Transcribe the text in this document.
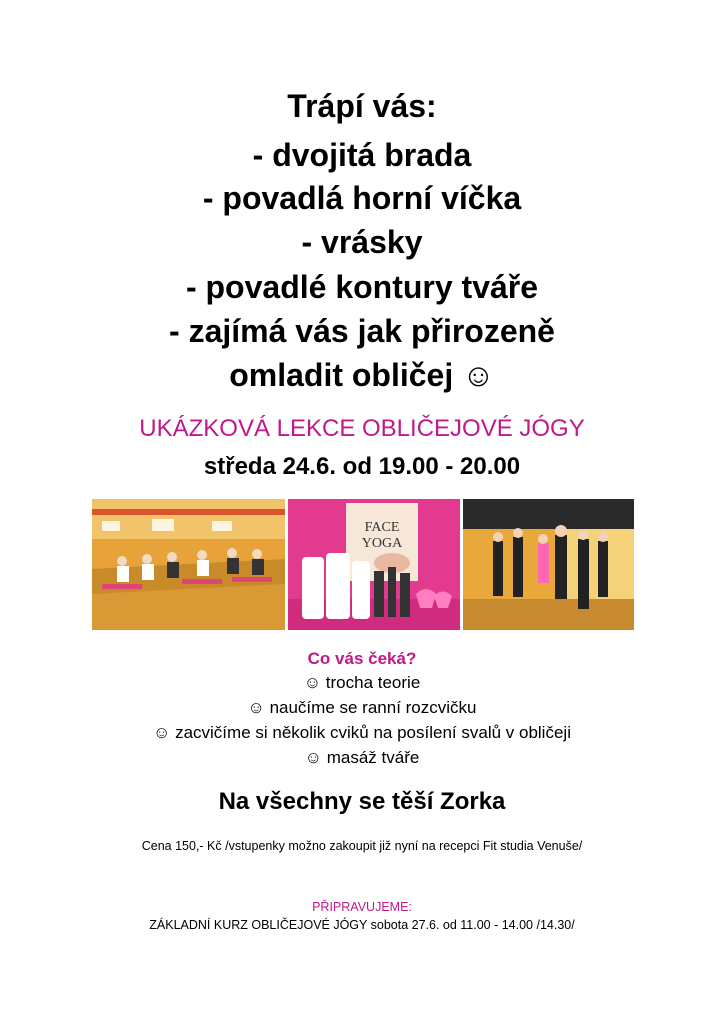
Trápí vás:
- dvojitá brada
- povadlá horní víčka
- vrásky
- povadlé kontury tváře
- zajímá vás jak přirozeně
omladit obličej ☺
UKÁZKOVÁ LEKCE OBLIČEJOVÉ JÓGY
středa 24.6. od 19.00 - 20.00
FACE
YOGA
Co vás čeká?
☺ trocha teorie
☺ naučíme se ranní rozcvičku
☺ zacvičíme si několik cviků na posílení svalů v obličeji
☺ masáž tváře
Na všechny se těší Zorka
Cena 150,- Kč /vstupenky možno zakoupit již nyní na recepci Fit studia Venuše/
PŘIPRAVUJEME:
ZÁKLADNÍ KURZ OBLIČEJOVÉ JÓGY sobota 27.6. od 11.00 - 14.00 /14.30/
